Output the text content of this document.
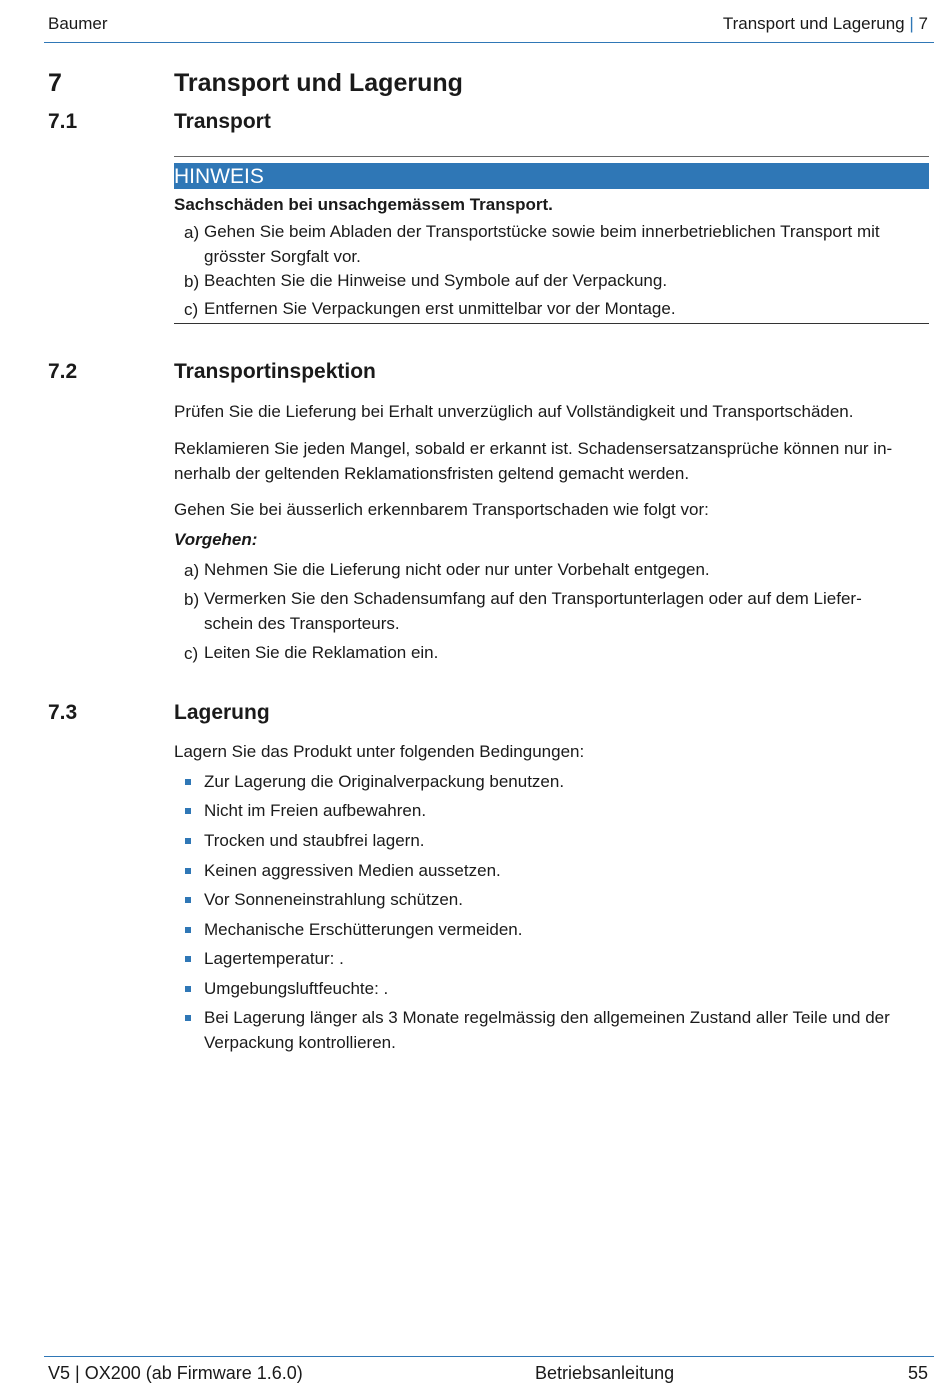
Baumer	Transport und Lagerung | 7
7	Transport und Lagerung
7.1	Transport
HINWEIS
Sachschäden bei unsachgemässem Transport.
a) Gehen Sie beim Abladen der Transportstücke sowie beim innerbetrieblichen Transport mit
grösster Sorgfalt vor.
b) Beachten Sie die Hinweise und Symbole auf der Verpackung.
c) Entfernen Sie Verpackungen erst unmittelbar vor der Montage.
7.2	Transportinspektion
Prüfen Sie die Lieferung bei Erhalt unverzüglich auf Vollständigkeit und Transportschäden.
Reklamieren Sie jeden Mangel, sobald er erkannt ist. Schadensersatzansprüche können nur in-
nerhalb der geltenden Reklamationsfristen geltend gemacht werden.
Gehen Sie bei äusserlich erkennbarem Transportschaden wie folgt vor:
Vorgehen:
a) Nehmen Sie die Lieferung nicht oder nur unter Vorbehalt entgegen.
b) Vermerken Sie den Schadensumfang auf den Transportunterlagen oder auf dem Liefer-
schein des Transporteurs.
c) Leiten Sie die Reklamation ein.
7.3	Lagerung
Lagern Sie das Produkt unter folgenden Bedingungen:
Zur Lagerung die Originalverpackung benutzen.
Nicht im Freien aufbewahren.
Trocken und staubfrei lagern.
Keinen aggressiven Medien aussetzen.
Vor Sonneneinstrahlung schützen.
Mechanische Erschütterungen vermeiden.
Lagertemperatur: .
Umgebungsluftfeuchte: .
Bei Lagerung länger als 3 Monate regelmässig den allgemeinen Zustand aller Teile und der
Verpackung kontrollieren.
V5 | OX200 (ab Firmware 1.6.0)	Betriebsanleitung	55
